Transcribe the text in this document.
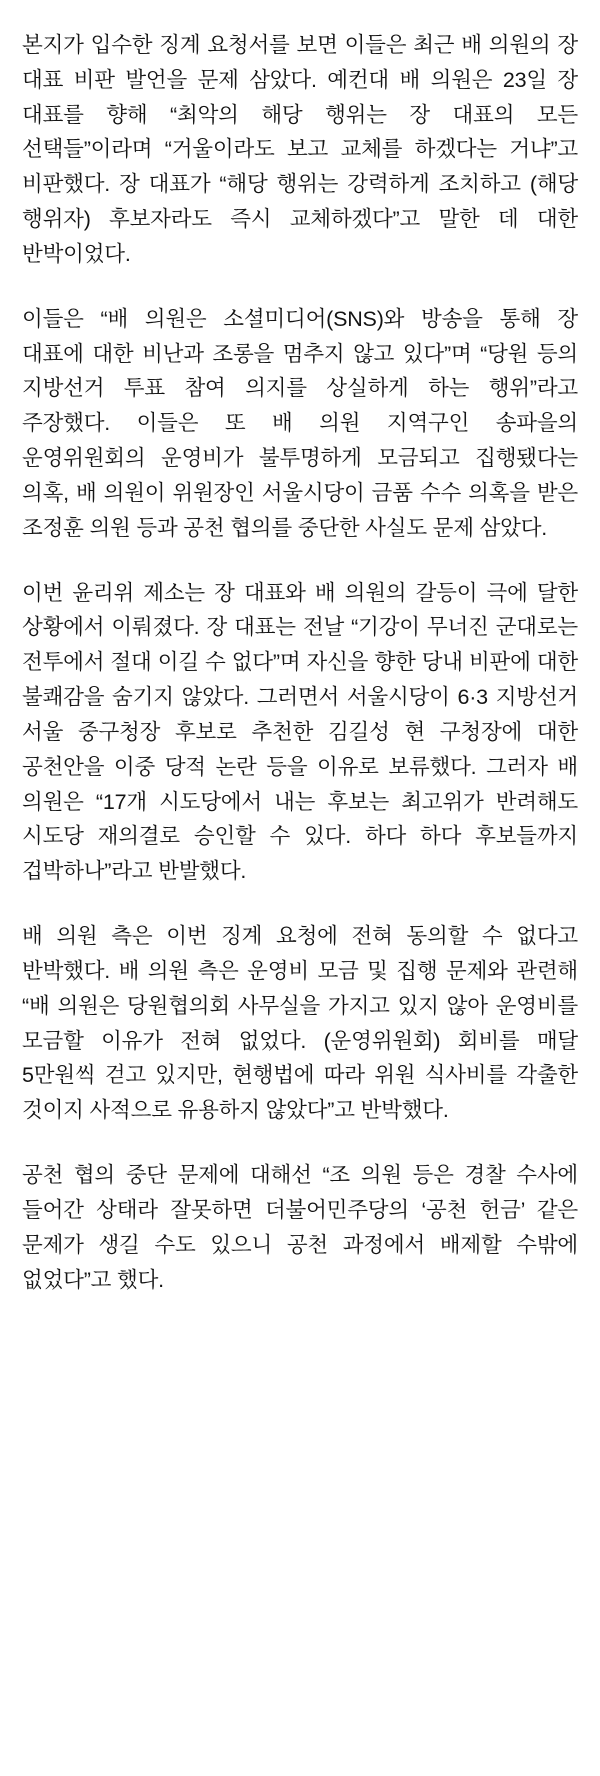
본지가 입수한 징계 요청서를 보면 이들은 최근 배 의원의 장 대표 비판 발언을 문제 삼았다. 예컨대 배 의원은 23일 장 대표를 향해 “최악의 해당 행위는 장 대표의 모든 선택들”이라며 “거울이라도 보고 교체를 하겠다는 거냐”고 비판했다. 장 대표가 “해당 행위는 강력하게 조치하고 (해당 행위자) 후보자라도 즉시 교체하겠다”고 말한 데 대한 반박이었다.

이들은 “배 의원은 소셜미디어(SNS)와 방송을 통해 장 대표에 대한 비난과 조롱을 멈추지 않고 있다”며 “당원 등의 지방선거 투표 참여 의지를 상실하게 하는 행위”라고 주장했다. 이들은 또 배 의원 지역구인 송파을의 운영위원회의 운영비가 불투명하게 모금되고 집행됐다는 의혹, 배 의원이 위원장인 서울시당이 금품 수수 의혹을 받은 조정훈 의원 등과 공천 협의를 중단한 사실도 문제 삼았다.

이번 윤리위 제소는 장 대표와 배 의원의 갈등이 극에 달한 상황에서 이뤄졌다. 장 대표는 전날 “기강이 무너진 군대로는 전투에서 절대 이길 수 없다”며 자신을 향한 당내 비판에 대한 불쾌감을 숨기지 않았다. 그러면서 서울시당이 6·3 지방선거 서울 중구청장 후보로 추천한 김길성 현 구청장에 대한 공천안을 이중 당적 논란 등을 이유로 보류했다. 그러자 배 의원은 “17개 시도당에서 내는 후보는 최고위가 반려해도 시도당 재의결로 승인할 수 있다. 하다 하다 후보들까지 겁박하나”라고 반발했다.

배 의원 측은 이번 징계 요청에 전혀 동의할 수 없다고 반박했다. 배 의원 측은 운영비 모금 및 집행 문제와 관련해 “배 의원은 당원협의회 사무실을 가지고 있지 않아 운영비를 모금할 이유가 전혀 없었다. (운영위원회) 회비를 매달 5만원씩 걷고 있지만, 현행법에 따라 위원 식사비를 각출한 것이지 사적으로 유용하지 않았다”고 반박했다.

공천 협의 중단 문제에 대해선 “조 의원 등은 경찰 수사에 들어간 상태라 잘못하면 더불어민주당의 ‘공천 헌금’ 같은 문제가 생길 수도 있으니 공천 과정에서 배제할 수밖에 없었다”고 했다.
